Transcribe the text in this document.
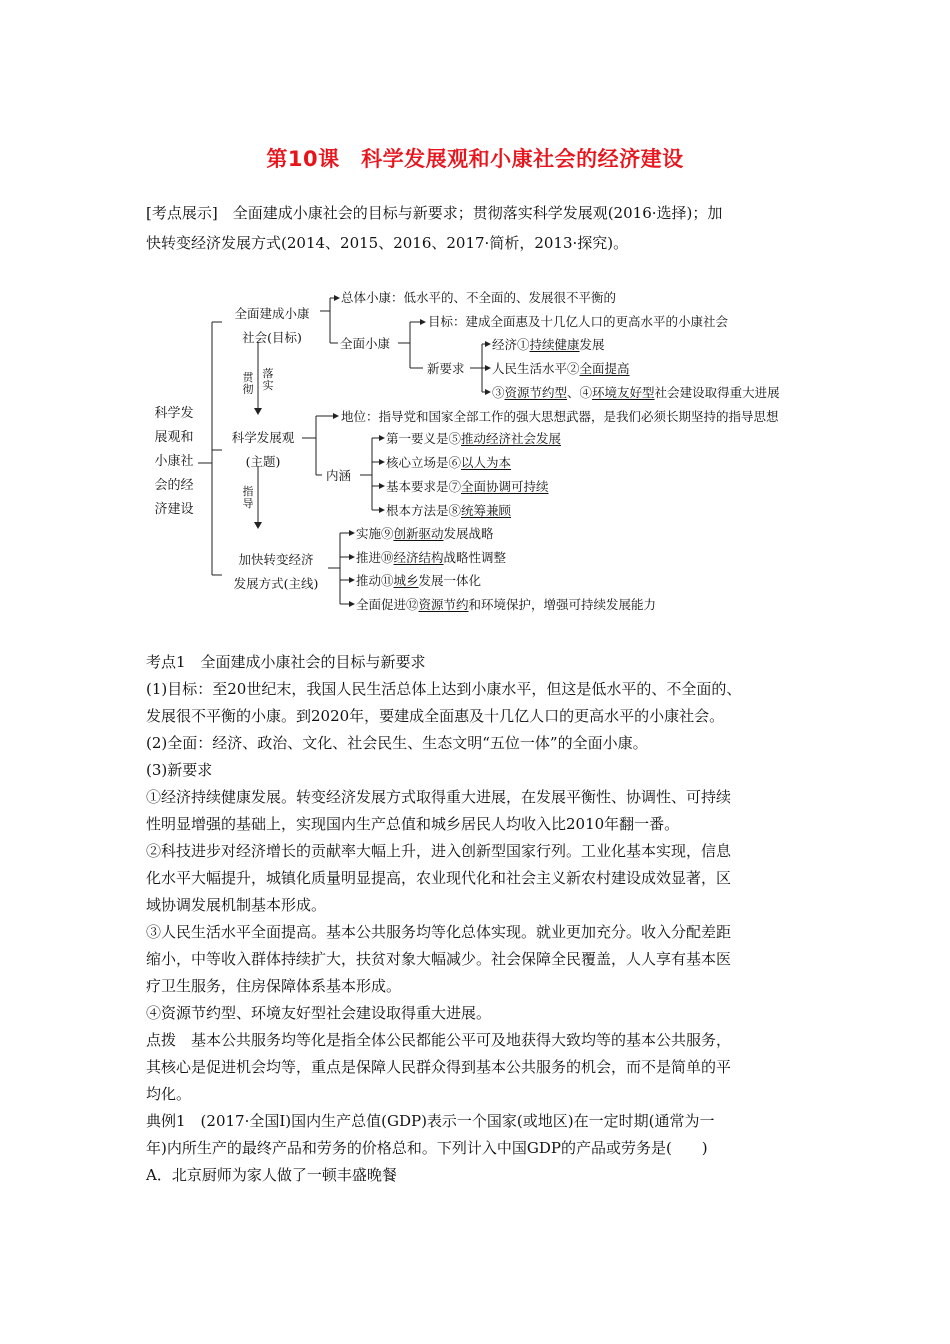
第10课　科学发展观和小康社会的经济建设
[考点展示]　全面建成小康社会的目标与新要求；贯彻落实科学发展观(2016·选择)；加
快转变经济发展方式(2014、2015、2016、2017·简析，2013·探究)。
科学发
展观和
小康社
会的经
济建设
全面建成小康
社会(目标)
科学发展观
(主题)
加快转变经济
发展方式(主线)
贯
彻
落
实
指
导
总体小康：低水平的、不全面的、发展很不平衡的
全面小康
目标：建成全面惠及十几亿人口的更高水平的小康社会
新要求
经济①持续健康发展
人民生活水平②全面提高
③资源节约型、④环境友好型社会建设取得重大进展
地位：指导党和国家全部工作的强大思想武器，是我们必须长期坚持的指导思想
内涵
第一要义是⑤推动经济社会发展
核心立场是⑥以人为本
基本要求是⑦全面协调可持续
根本方法是⑧统筹兼顾
实施⑨创新驱动发展战略
推进⑩经济结构战略性调整
推动⑪城乡发展一体化
全面促进⑫资源节约和环境保护，增强可持续发展能力

考点1　全面建成小康社会的目标与新要求

(1)目标：至20世纪末，我国人民生活总体上达到小康水平，但这是低水平的、不全面的、

发展很不平衡的小康。到2020年，要建成全面惠及十几亿人口的更高水平的小康社会。

(2)全面：经济、政治、文化、社会民生、生态文明“五位一体”的全面小康。

(3)新要求

①经济持续健康发展。转变经济发展方式取得重大进展，在发展平衡性、协调性、可持续

性明显增强的基础上，实现国内生产总值和城乡居民人均收入比2010年翻一番。

②科技进步对经济增长的贡献率大幅上升，进入创新型国家行列。工业化基本实现，信息

化水平大幅提升，城镇化质量明显提高，农业现代化和社会主义新农村建设成效显著，区

域协调发展机制基本形成。

③人民生活水平全面提高。基本公共服务均等化总体实现。就业更加充分。收入分配差距

缩小，中等收入群体持续扩大，扶贫对象大幅减少。社会保障全民覆盖，人人享有基本医

疗卫生服务，住房保障体系基本形成。

④资源节约型、环境友好型社会建设取得重大进展。

点拨　基本公共服务均等化是指全体公民都能公平可及地获得大致均等的基本公共服务，

其核心是促进机会均等，重点是保障人民群众得到基本公共服务的机会，而不是简单的平

均化。

典例1　(2017·全国Ⅰ)国内生产总值(GDP)表示一个国家(或地区)在一定时期(通常为一

年)内所生产的最终产品和劳务的价格总和。下列计入中国GDP的产品或劳务是(　　)

A．北京厨师为家人做了一顿丰盛晚餐
